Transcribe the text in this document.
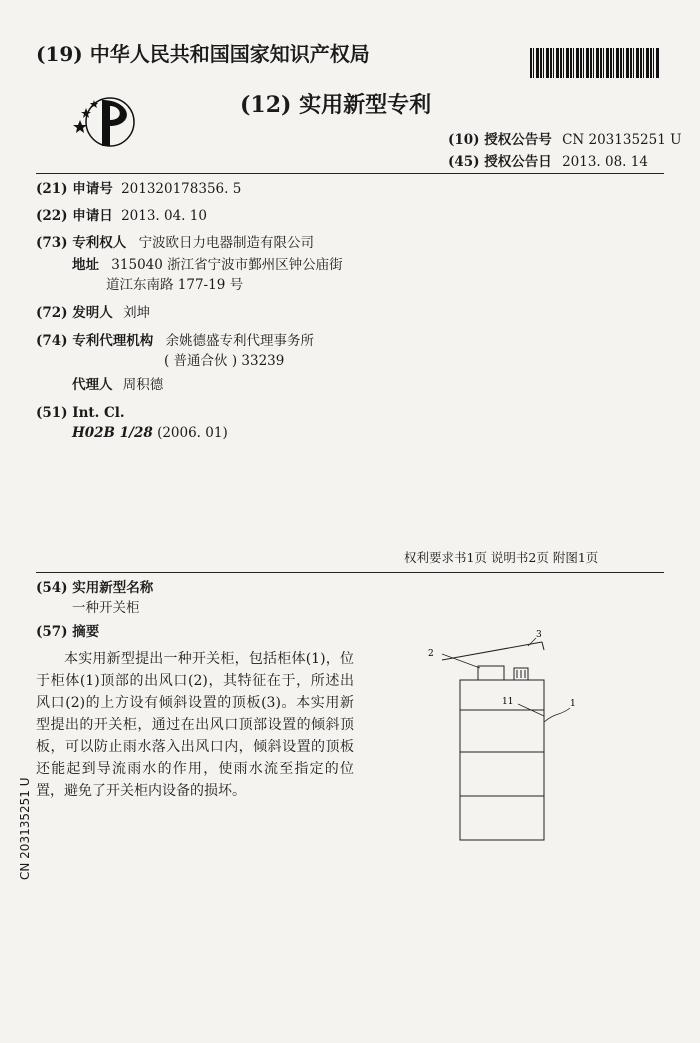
(19) 中华人民共和国国家知识产权局
(12) 实用新型专利
(10) 授权公告号 CN 203135251 U
(45) 授权公告日 2013. 08. 14
(21) 申请号 201320178356. 5
(22) 申请日 2013. 04. 10
(73) 专利权人 宁波欧日力电器制造有限公司
地址 315040 浙江省宁波市鄞州区钟公庙街
道江东南路 177-19 号
(72) 发明人 刘坤
(74) 专利代理机构 余姚德盛专利代理事务所
( 普通合伙 ) 33239
代理人 周积德
(51) Int. Cl.
H02B 1/28 (2006. 01)
权利要求书1页 说明书2页 附图1页
(54) 实用新型名称
一种开关柜
(57) 摘要

本实用新型提出一种开关柜，包括柜体(1)，位于柜体(1)顶部的出风口(2)，其特征在于，所述出风口(2)的上方设有倾斜设置的顶板(3)。本实用新型提出的开关柜，通过在出风口顶部设置的倾斜顶板，可以防止雨水落入出风口内，倾斜设置的顶板还能起到导流雨水的作用，使雨水流至指定的位置，避免了开关柜内设备的损坏。

2
3
11	1
CN 203135251 U
